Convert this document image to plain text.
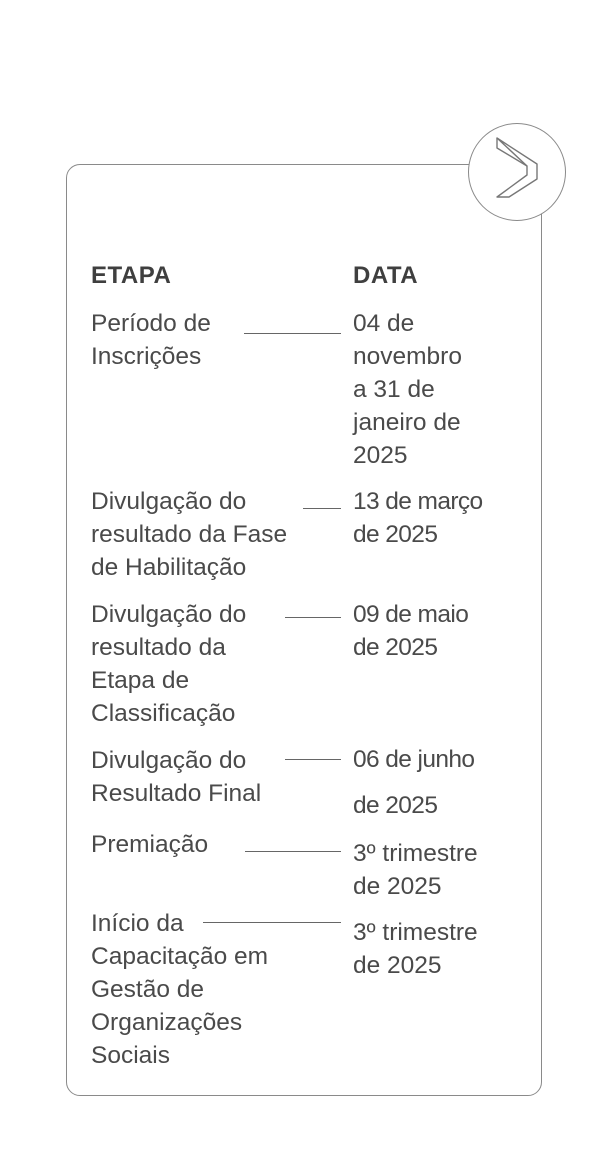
ETAPA	DATA
Período de
Inscrições
04 de
novembro
a 31 de
janeiro de
2025
Divulgação do
resultado da Fase
de Habilitação
13 de março
de 2025
Divulgação do
resultado da
Etapa de
Classificação
09 de maio
de 2025
Divulgação do
Resultado Final
06 de junho
de 2025
Premiação	3º trimestre
de 2025
Início da
Capacitação em
Gestão de
Organizações
Sociais
3º trimestre
de 2025
